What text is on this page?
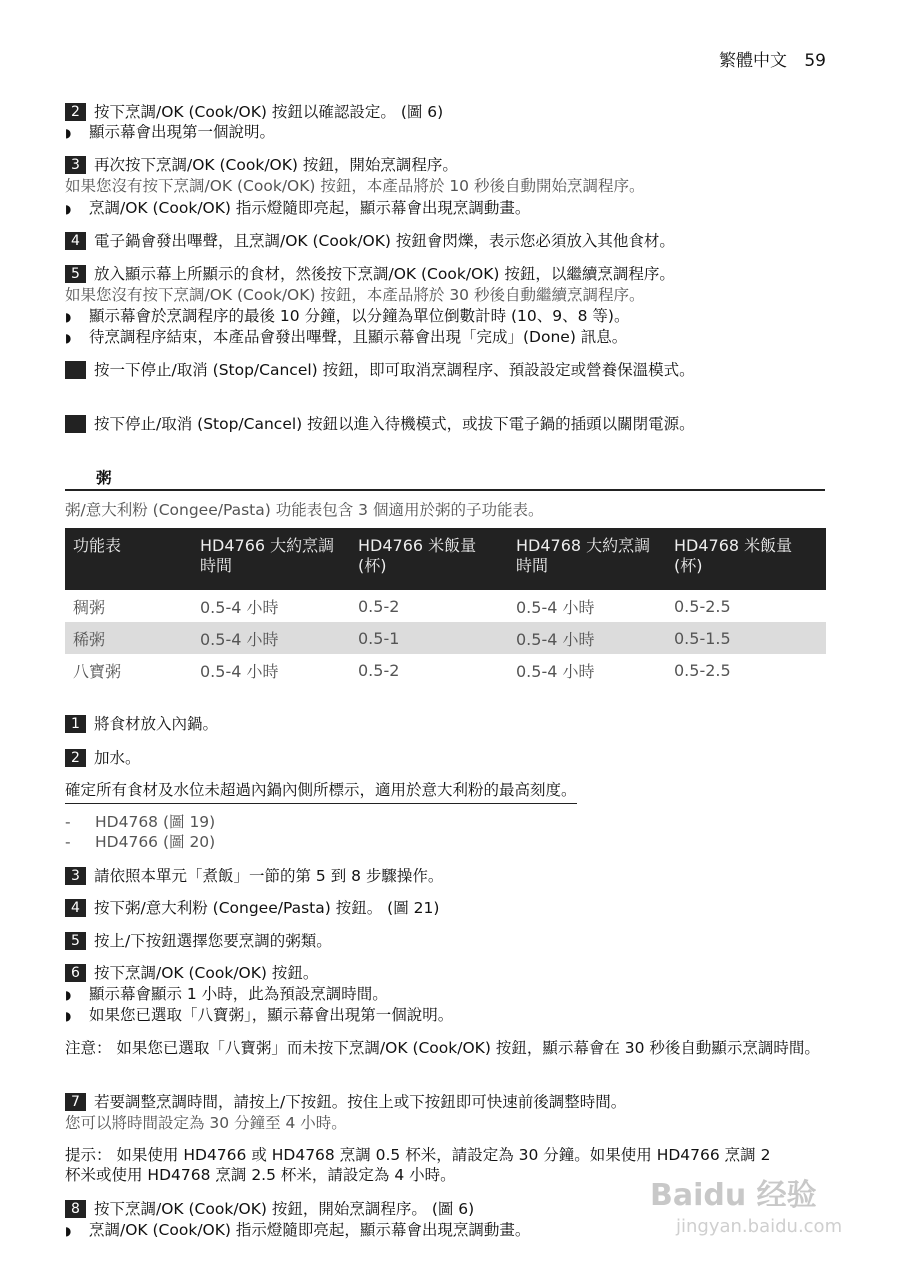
繁體中文 59
2 按下烹調/OK (Cook/OK) 按鈕以確認設定。 (圖 6)
◗ 顯示幕會出現第一個說明。
3 再次按下烹調/OK (Cook/OK) 按鈕，開始烹調程序。
如果您沒有按下烹調/OK (Cook/OK) 按鈕，本產品將於 10 秒後自動開始烹調程序。
◗ 烹調/OK (Cook/OK) 指示燈隨即亮起，顯示幕會出現烹調動畫。
4 電子鍋會發出嗶聲，且烹調/OK (Cook/OK) 按鈕會閃爍，表示您必須放入其他食材。
5 放入顯示幕上所顯示的食材，然後按下烹調/OK (Cook/OK) 按鈕，以繼續烹調程序。
如果您沒有按下烹調/OK (Cook/OK) 按鈕，本產品將於 30 秒後自動繼續烹調程序。
◗ 顯示幕會於烹調程序的最後 10 分鐘，以分鐘為單位倒數計時 (10、9、8 等)。
◗ 待烹調程序結束，本產品會發出嗶聲，且顯示幕會出現「完成」(Done) 訊息。
6 按一下停止/取消 (Stop/Cancel) 按鈕，即可取消烹調程序、預設設定或營養保溫模式。
7 按下停止/取消 (Stop/Cancel) 按鈕以進入待機模式，或拔下電子鍋的插頭以關閉電源。
粥
粥/意大利粉 (Congee/Pasta) 功能表包含 3 個適用於粥的子功能表。
功能表	HD4766 大約烹調時間	HD4766 米飯量 (杯)	HD4768 大約烹調時間	HD4768 米飯量 (杯)
稠粥	0.5-4 小時	0.5-2	0.5-4 小時	0.5-2.5
稀粥	0.5-4 小時	0.5-1	0.5-4 小時	0.5-1.5
八寶粥	0.5-4 小時	0.5-2	0.5-4 小時	0.5-2.5
1 將食材放入內鍋。
2 加水。
確定所有食材及水位未超過內鍋內側所標示，適用於意大利粉的最高刻度。
- HD4768 (圖 19)
- HD4766 (圖 20)
3 請依照本單元「煮飯」一節的第 5 到 8 步驟操作。
4 按下粥/意大利粉 (Congee/Pasta) 按鈕。 (圖 21)
5 按上/下按鈕選擇您要烹調的粥類。
6 按下烹調/OK (Cook/OK) 按鈕。
◗ 顯示幕會顯示 1 小時，此為預設烹調時間。
◗ 如果您已選取「八寶粥」，顯示幕會出現第一個說明。
注意： 如果您已選取「八寶粥」而未按下烹調/OK (Cook/OK) 按鈕，顯示幕會在 30 秒後自動顯示烹調時間。
7 若要調整烹調時間，請按上/下按鈕。按住上或下按鈕即可快速前後調整時間。
您可以將時間設定為 30 分鐘至 4 小時。
提示： 如果使用 HD4766 或 HD4768 烹調 0.5 杯米，請設定為 30 分鐘。如果使用 HD4766 烹調 2 杯米或使用 HD4768 烹調 2.5 杯米，請設定為 4 小時。
8 按下烹調/OK (Cook/OK) 按鈕，開始烹調程序。 (圖 6)
◗ 烹調/OK (Cook/OK) 指示燈隨即亮起，顯示幕會出現烹調動畫。
Baidu 经验
jingyan.baidu.com
